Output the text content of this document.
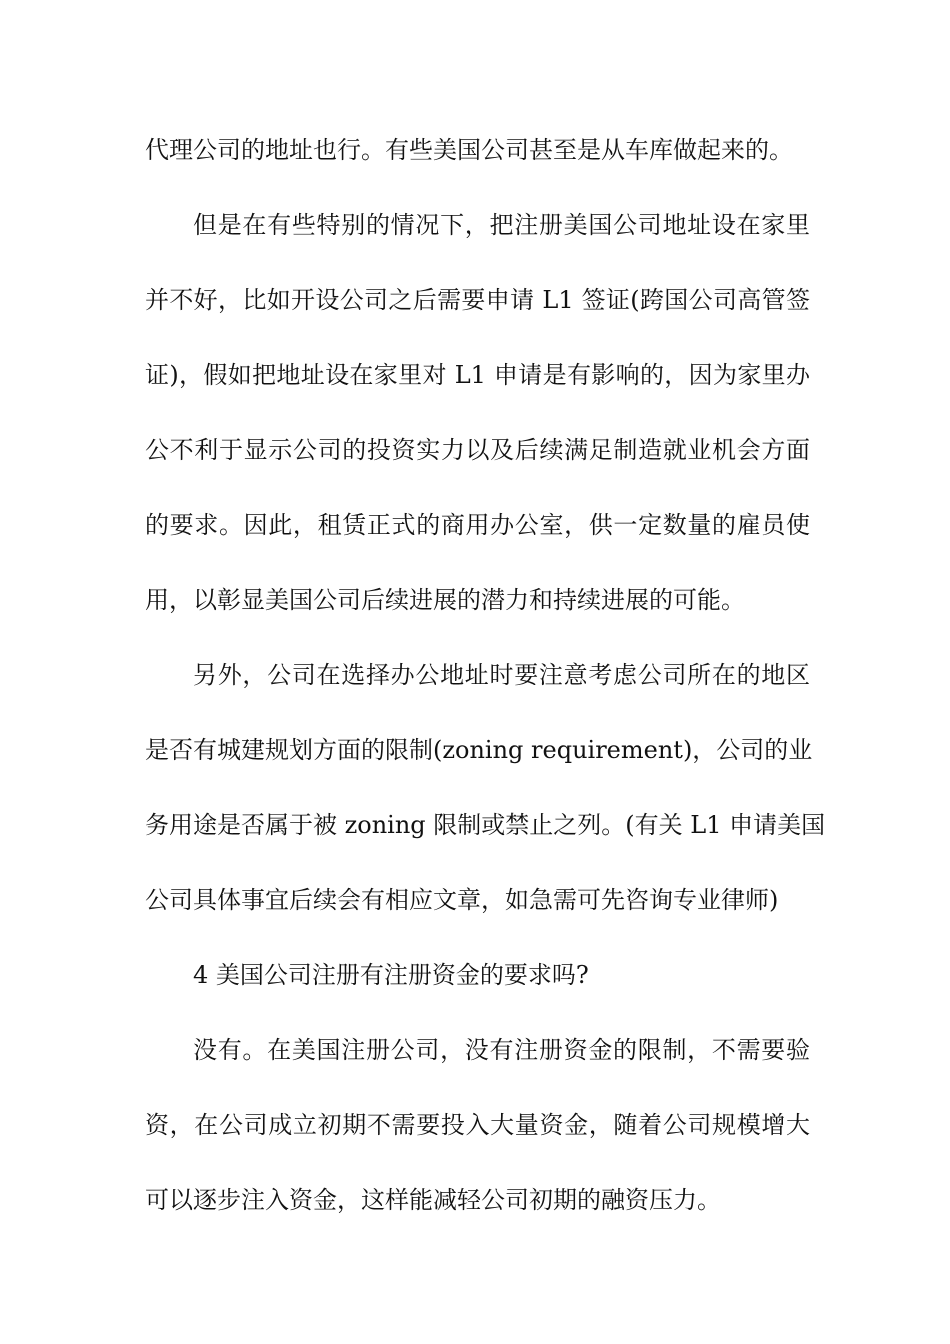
代理公司的地址也行。有些美国公司甚至是从车库做起来的。
但是在有些特别的情况下，把注册美国公司地址设在家里
并不好，比如开设公司之后需要申请 L1 签证(跨国公司高管签
证)，假如把地址设在家里对 L1 申请是有影响的，因为家里办
公不利于显示公司的投资实力以及后续满足制造就业机会方面
的要求。因此，租赁正式的商用办公室，供一定数量的雇员使
用，以彰显美国公司后续进展的潜力和持续进展的可能。
另外，公司在选择办公地址时要注意考虑公司所在的地区
是否有城建规划方面的限制(zoning requirement)，公司的业
务用途是否属于被 zoning 限制或禁止之列。(有关 L1 申请美国
公司具体事宜后续会有相应文章，如急需可先咨询专业律师)
4 美国公司注册有注册资金的要求吗?
没有。在美国注册公司，没有注册资金的限制，不需要验
资，在公司成立初期不需要投入大量资金，随着公司规模增大
可以逐步注入资金，这样能减轻公司初期的融资压力。
